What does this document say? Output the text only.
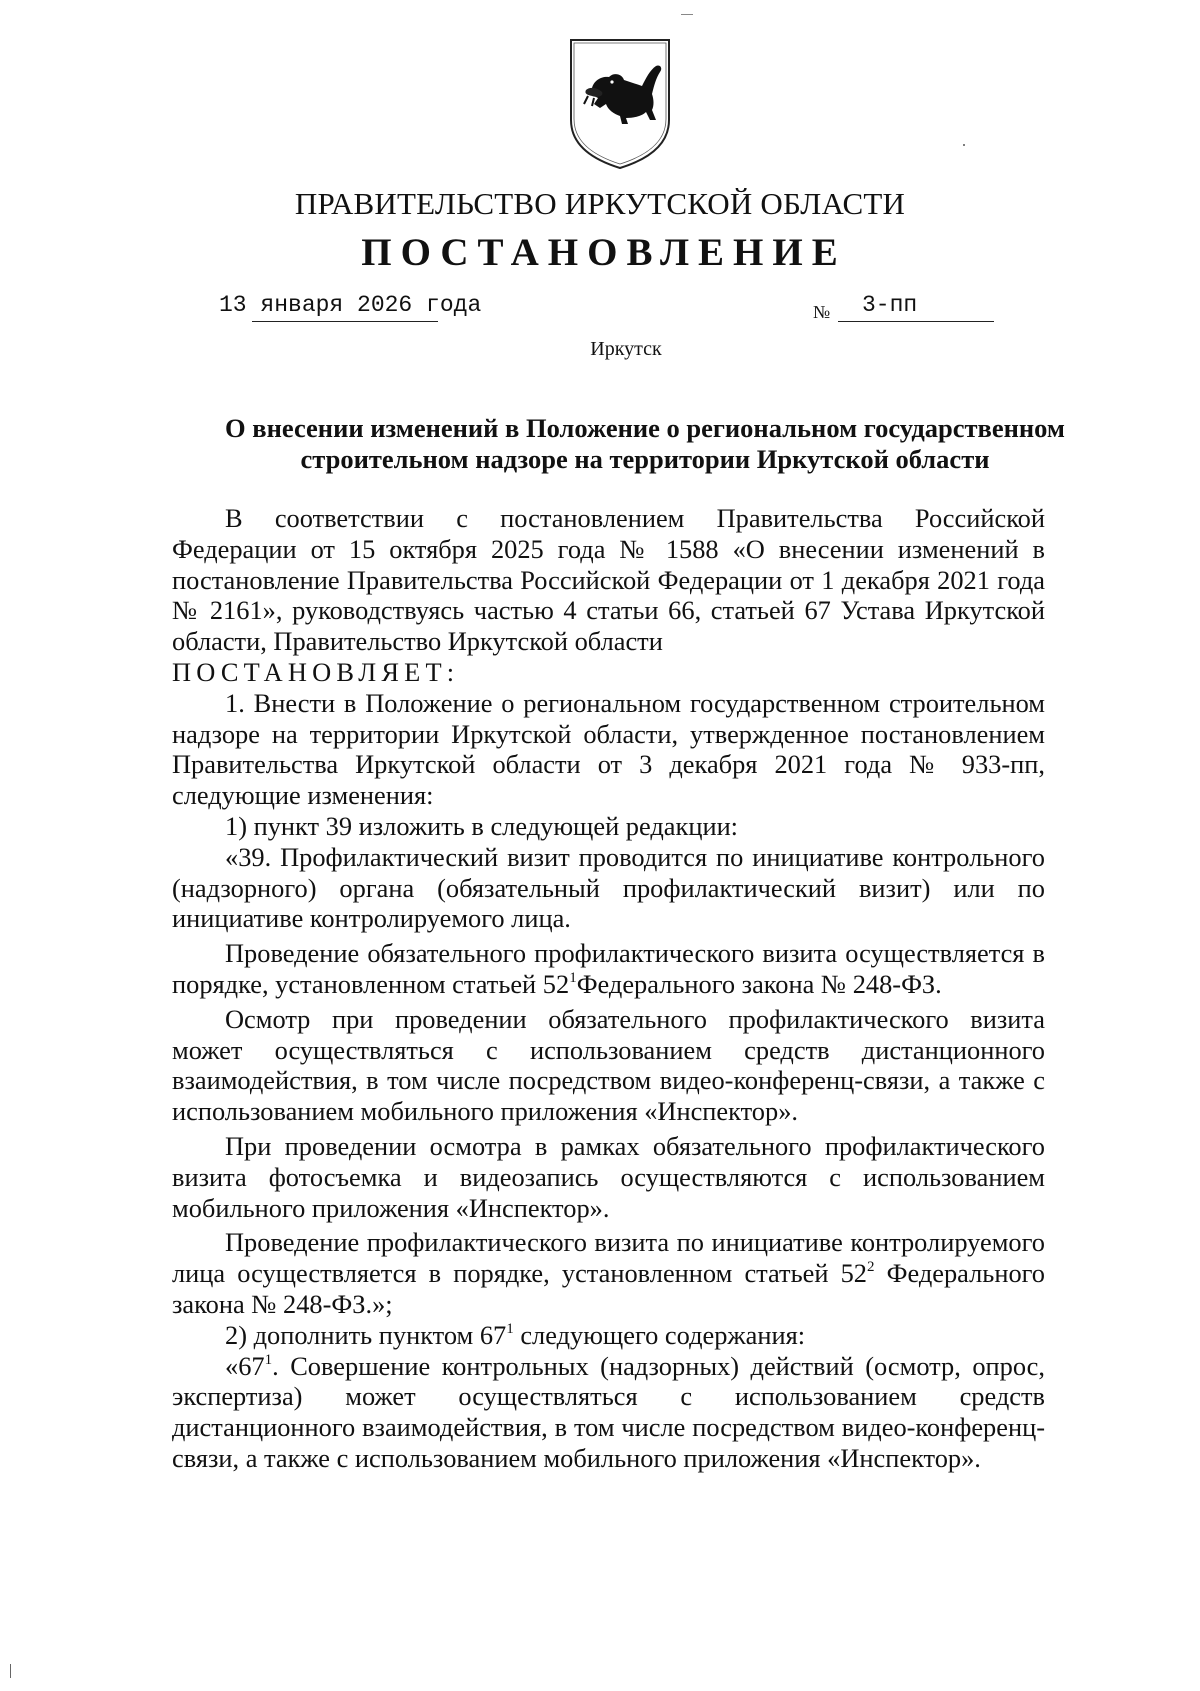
ПРАВИТЕЛЬСТВО ИРКУТСКОЙ ОБЛАСТИ
ПОСТАНОВЛЕНИЕ
13 января 2026 года	№ 3-пп
Иркутск
О внесении изменений в Положение о региональном государственном
строительном надзоре на территории Иркутской области

В соответствии с постановлением Правительства Российской Федерации от 15 октября 2025 года № 1588 «О внесении изменений в постановление Правительства Российской Федерации от 1 декабря 2021 года № 2161», руководствуясь частью 4 статьи 66, статьей 67 Устава Иркутской области, Правительство Иркутской области

ПОСТАНОВЛЯЕТ:

1. Внести в Положение о региональном государственном строительном надзоре на территории Иркутской области, утвержденное постановлением Правительства Иркутской области от 3 декабря 2021 года № 933-пп, следующие изменения:

1) пункт 39 изложить в следующей редакции:

«39. Профилактический визит проводится по инициативе контрольного (надзорного) органа (обязательный профилактический визит) или по инициативе контролируемого лица.

Проведение обязательного профилактического визита осуществляется в порядке, установленном статьей $52^1Федерального$ закона № 248-ФЗ.

Осмотр при проведении обязательного профилактического визита может осуществляться с использованием средств дистанционного взаимодействия, в том числе посредством видео-конференц-связи, а также с использованием мобильного приложения «Инспектор».

При проведении осмотра в рамках обязательного профилактического визита фотосъемка и видеозапись осуществляются с использованием мобильного приложения «Инспектор».

Проведение профилактического визита по инициативе контролируемого лица осуществляется в порядке, установленном статьей $52^2$ Федерального закона № 248-ФЗ.»;

2) дополнить пунктом $67^1$ следующего содержания:

«$67^1$. Совершение контрольных (надзорных) действий (осмотр, опрос, экспертиза) может осуществляться с использованием средств дистанционного взаимодействия, в том числе посредством видео-конференц-связи, а также с использованием мобильного приложения «Инспектор».
